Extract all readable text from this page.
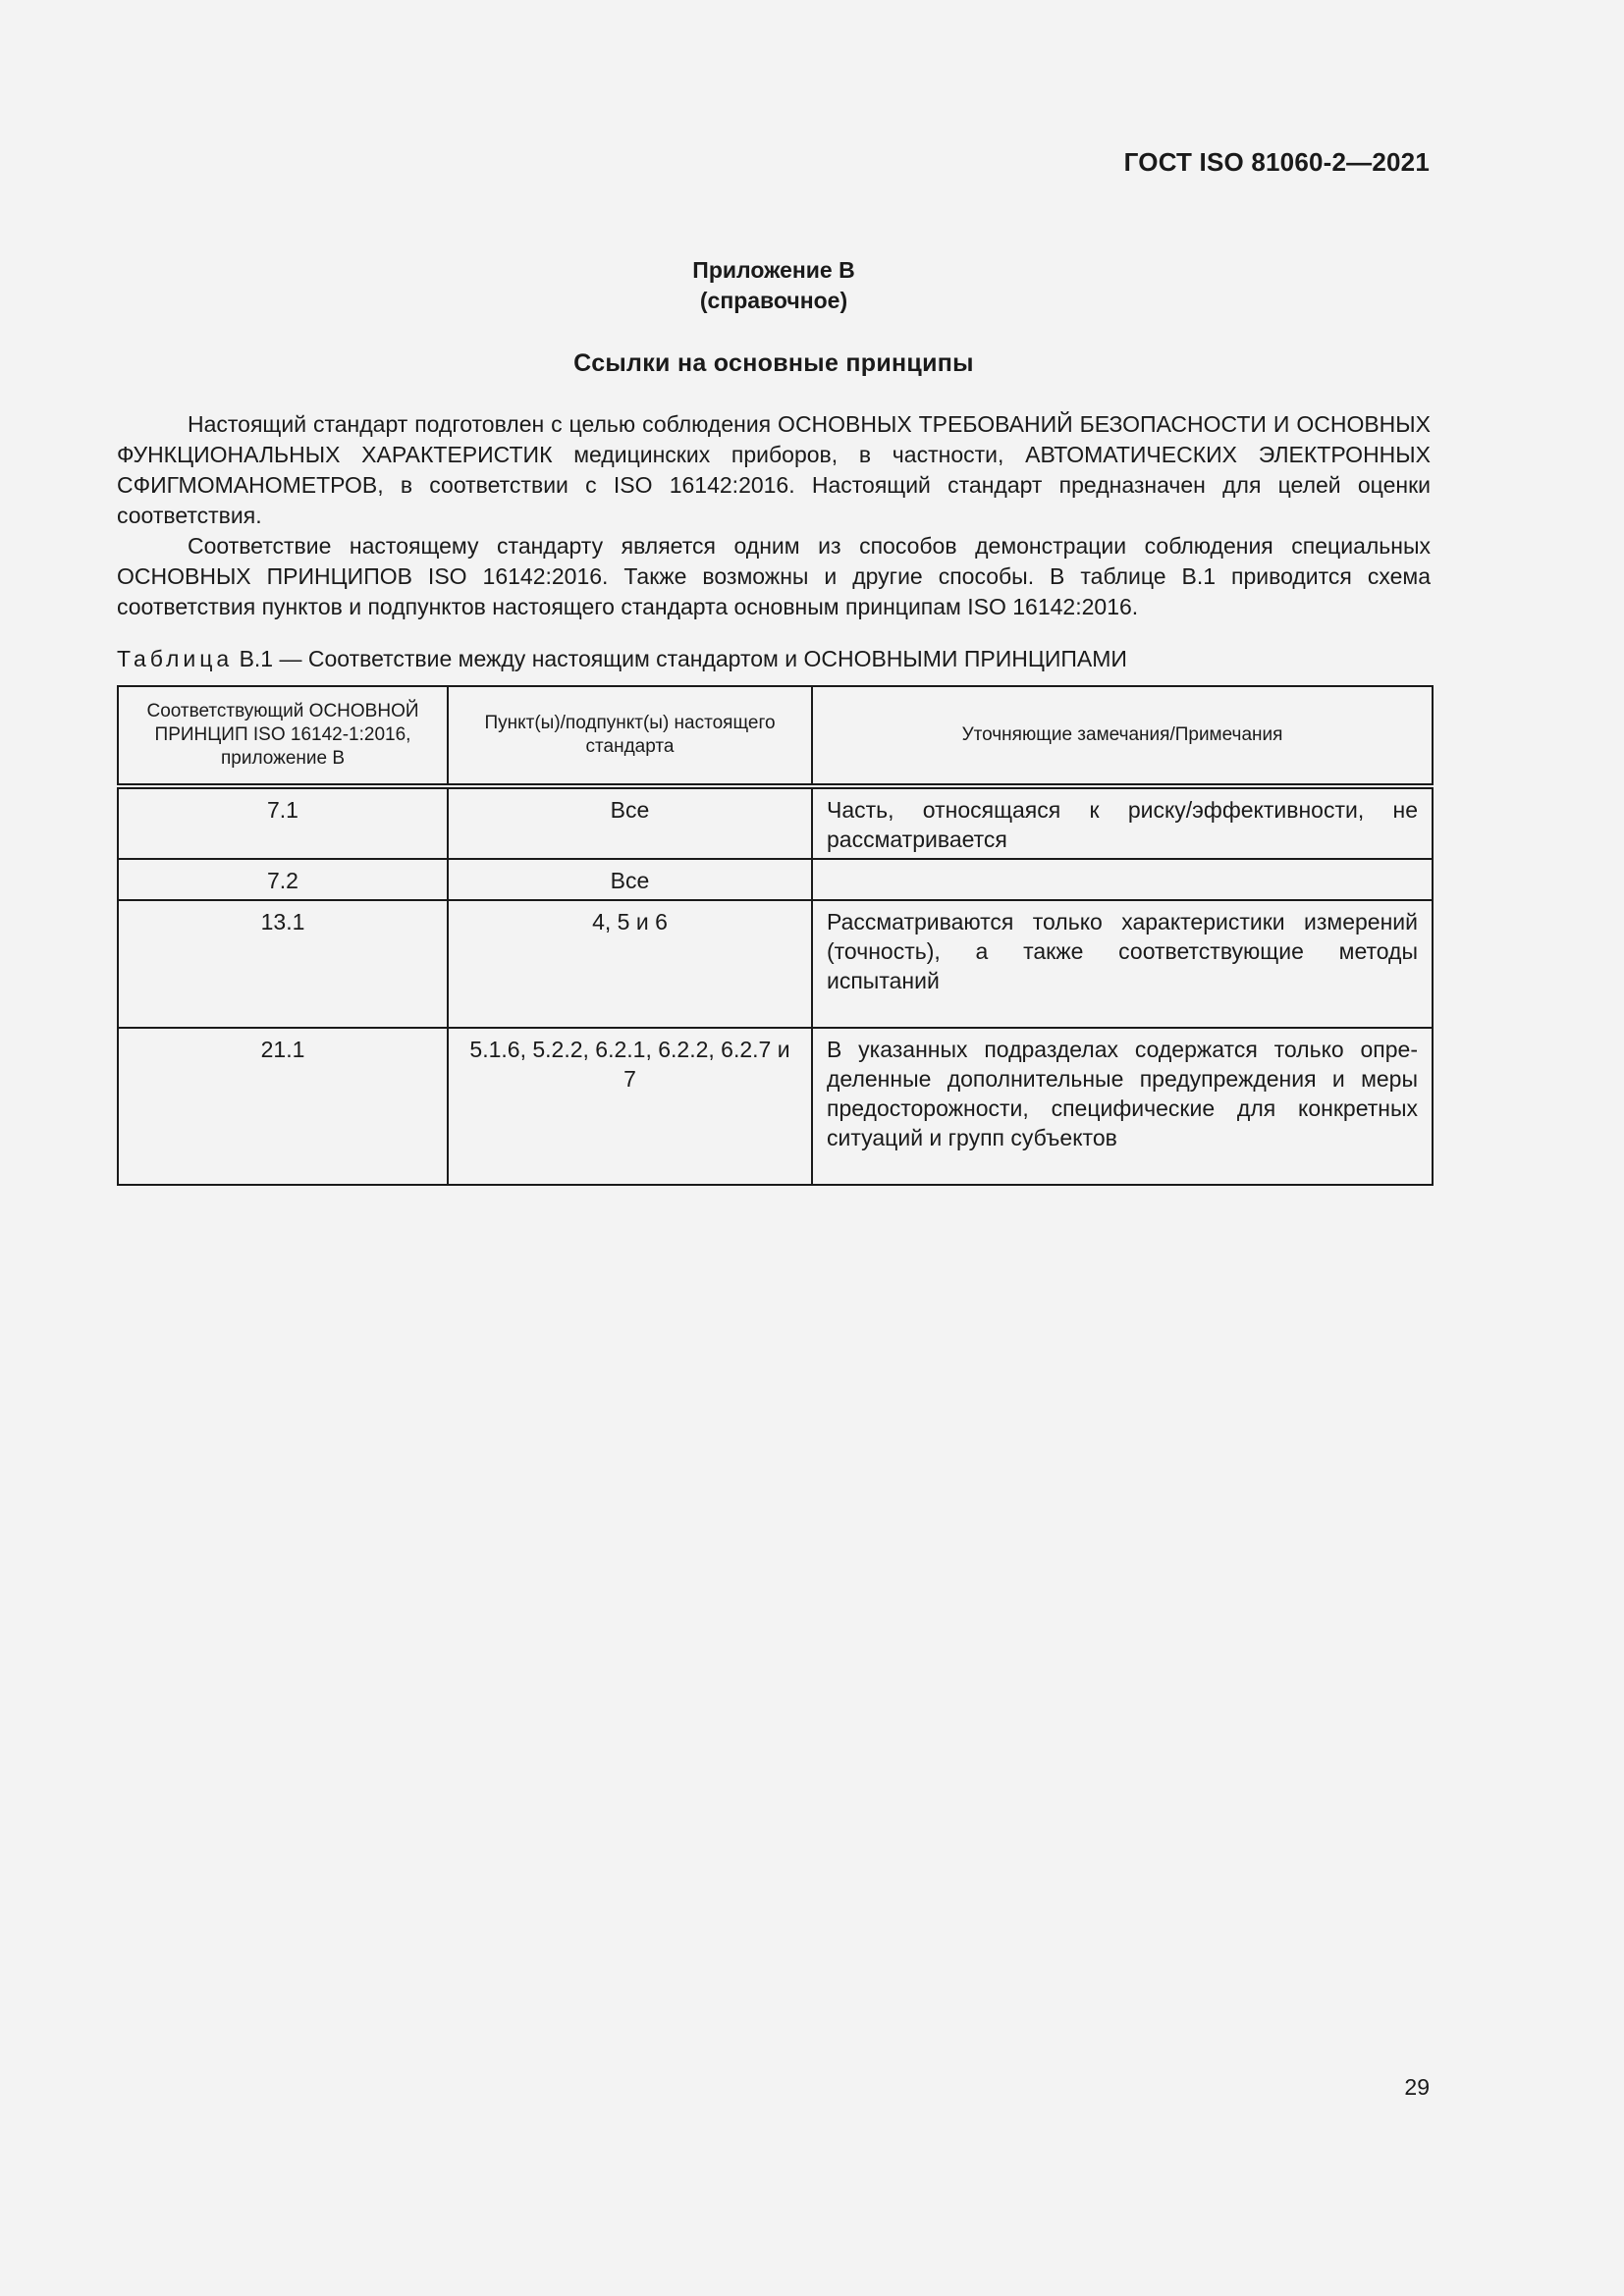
ГОСТ ISO 81060-2—2021
Приложение В
(справочное)
Ссылки на основные принципы

Настоящий стандарт подготовлен с целью соблюдения ОСНОВНЫХ ТРЕБОВАНИЙ БЕЗОПАСНОСТИ И ОСНОВНЫХ ФУНКЦИОНАЛЬНЫХ ХАРАКТЕРИСТИК медицинских приборов, в частности, АВТОМАТИЧЕСКИХ ЭЛЕКТРОННЫХ СФИГМОМАНОМЕТРОВ, в соответствии с ISO 16142:2016. Настоящий стандарт предназначен для целей оценки соответствия.

Соответствие настоящему стандарту является одним из способов демонстрации соблюдения специальных ОСНОВНЫХ ПРИНЦИПОВ ISO 16142:2016. Также возможны и другие способы. В таблице В.1 приводится схема соответствия пунктов и подпунктов настоящего стандарта основным принципам ISO 16142:2016.

Таблица В.1 — Соответствие между настоящим стандартом и ОСНОВНЫМИ ПРИНЦИПАМИ
Соответствующий ОСНОВНОЙ ПРИНЦИП ISO 16142-1:2016, приложение В	Пункт(ы)/подпункт(ы) настоящего стандарта	Уточняющие замечания/Примечания

7.1	Все	Часть, относящаяся к риску/эффективности, не рассматривается

7.2	Все	

13.1	4, 5 и 6	Рассматриваются только характеристики измерений (точность), а также соответствующие методы испытаний

21.1	5.1.6, 5.2.2, 6.2.1, 6.2.2, 6.2.7 и 7	В указанных подразделах содержатся только определенные дополнительные предупреждения и меры предосторожности, специфические для конкретных ситуаций и групп субъектов
29
